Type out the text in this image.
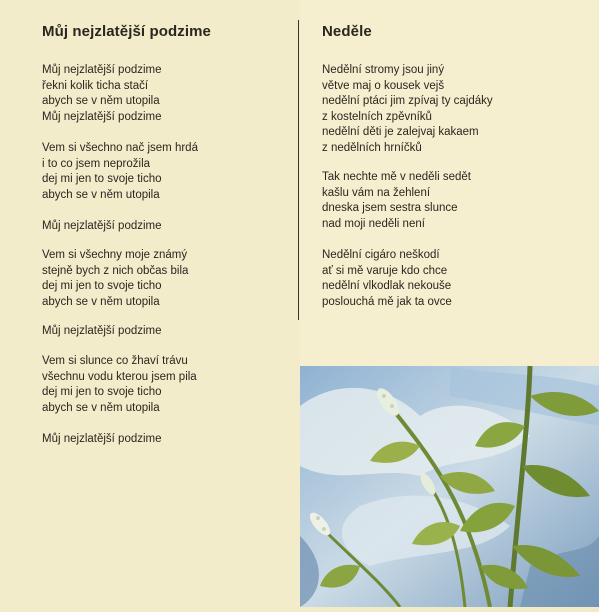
Můj nejzlatější podzime

Můj nejzlatější podzime
řekni kolik ticha stačí
abych se v něm utopila
Můj nejzlatější podzime

Vem si všechno nač jsem hrdá
i to co jsem neprožila
dej mi jen to svoje ticho
abych se v něm utopila

Můj nejzlatější podzime

Vem si všechny moje známý
stejně bych z nich občas bila
dej mi jen to svoje ticho
abych se v něm utopila

Můj nejzlatější podzime

Vem si slunce co žhaví trávu
všechnu vodu kterou jsem pila
dej mi jen to svoje ticho
abych se v něm utopila

Můj nejzlatější podzime

Neděle

Nedělní stromy jsou jiný
větve maj o kousek vejš
nedělní ptáci jim zpívaj ty cajdáky
z kostelních zpěvníků
nedělní děti je zalejvaj kakaem
z nedělních hrníčků

Tak nechte mě v neděli sedět
kašlu vám na žehlení
dneska jsem sestra slunce
nad moji neděli není

Nedělní cigáro neškodí
ať si mě varuje kdo chce
nedělní vlkodlak nekouše
poslouchá mě jak ta ovce
